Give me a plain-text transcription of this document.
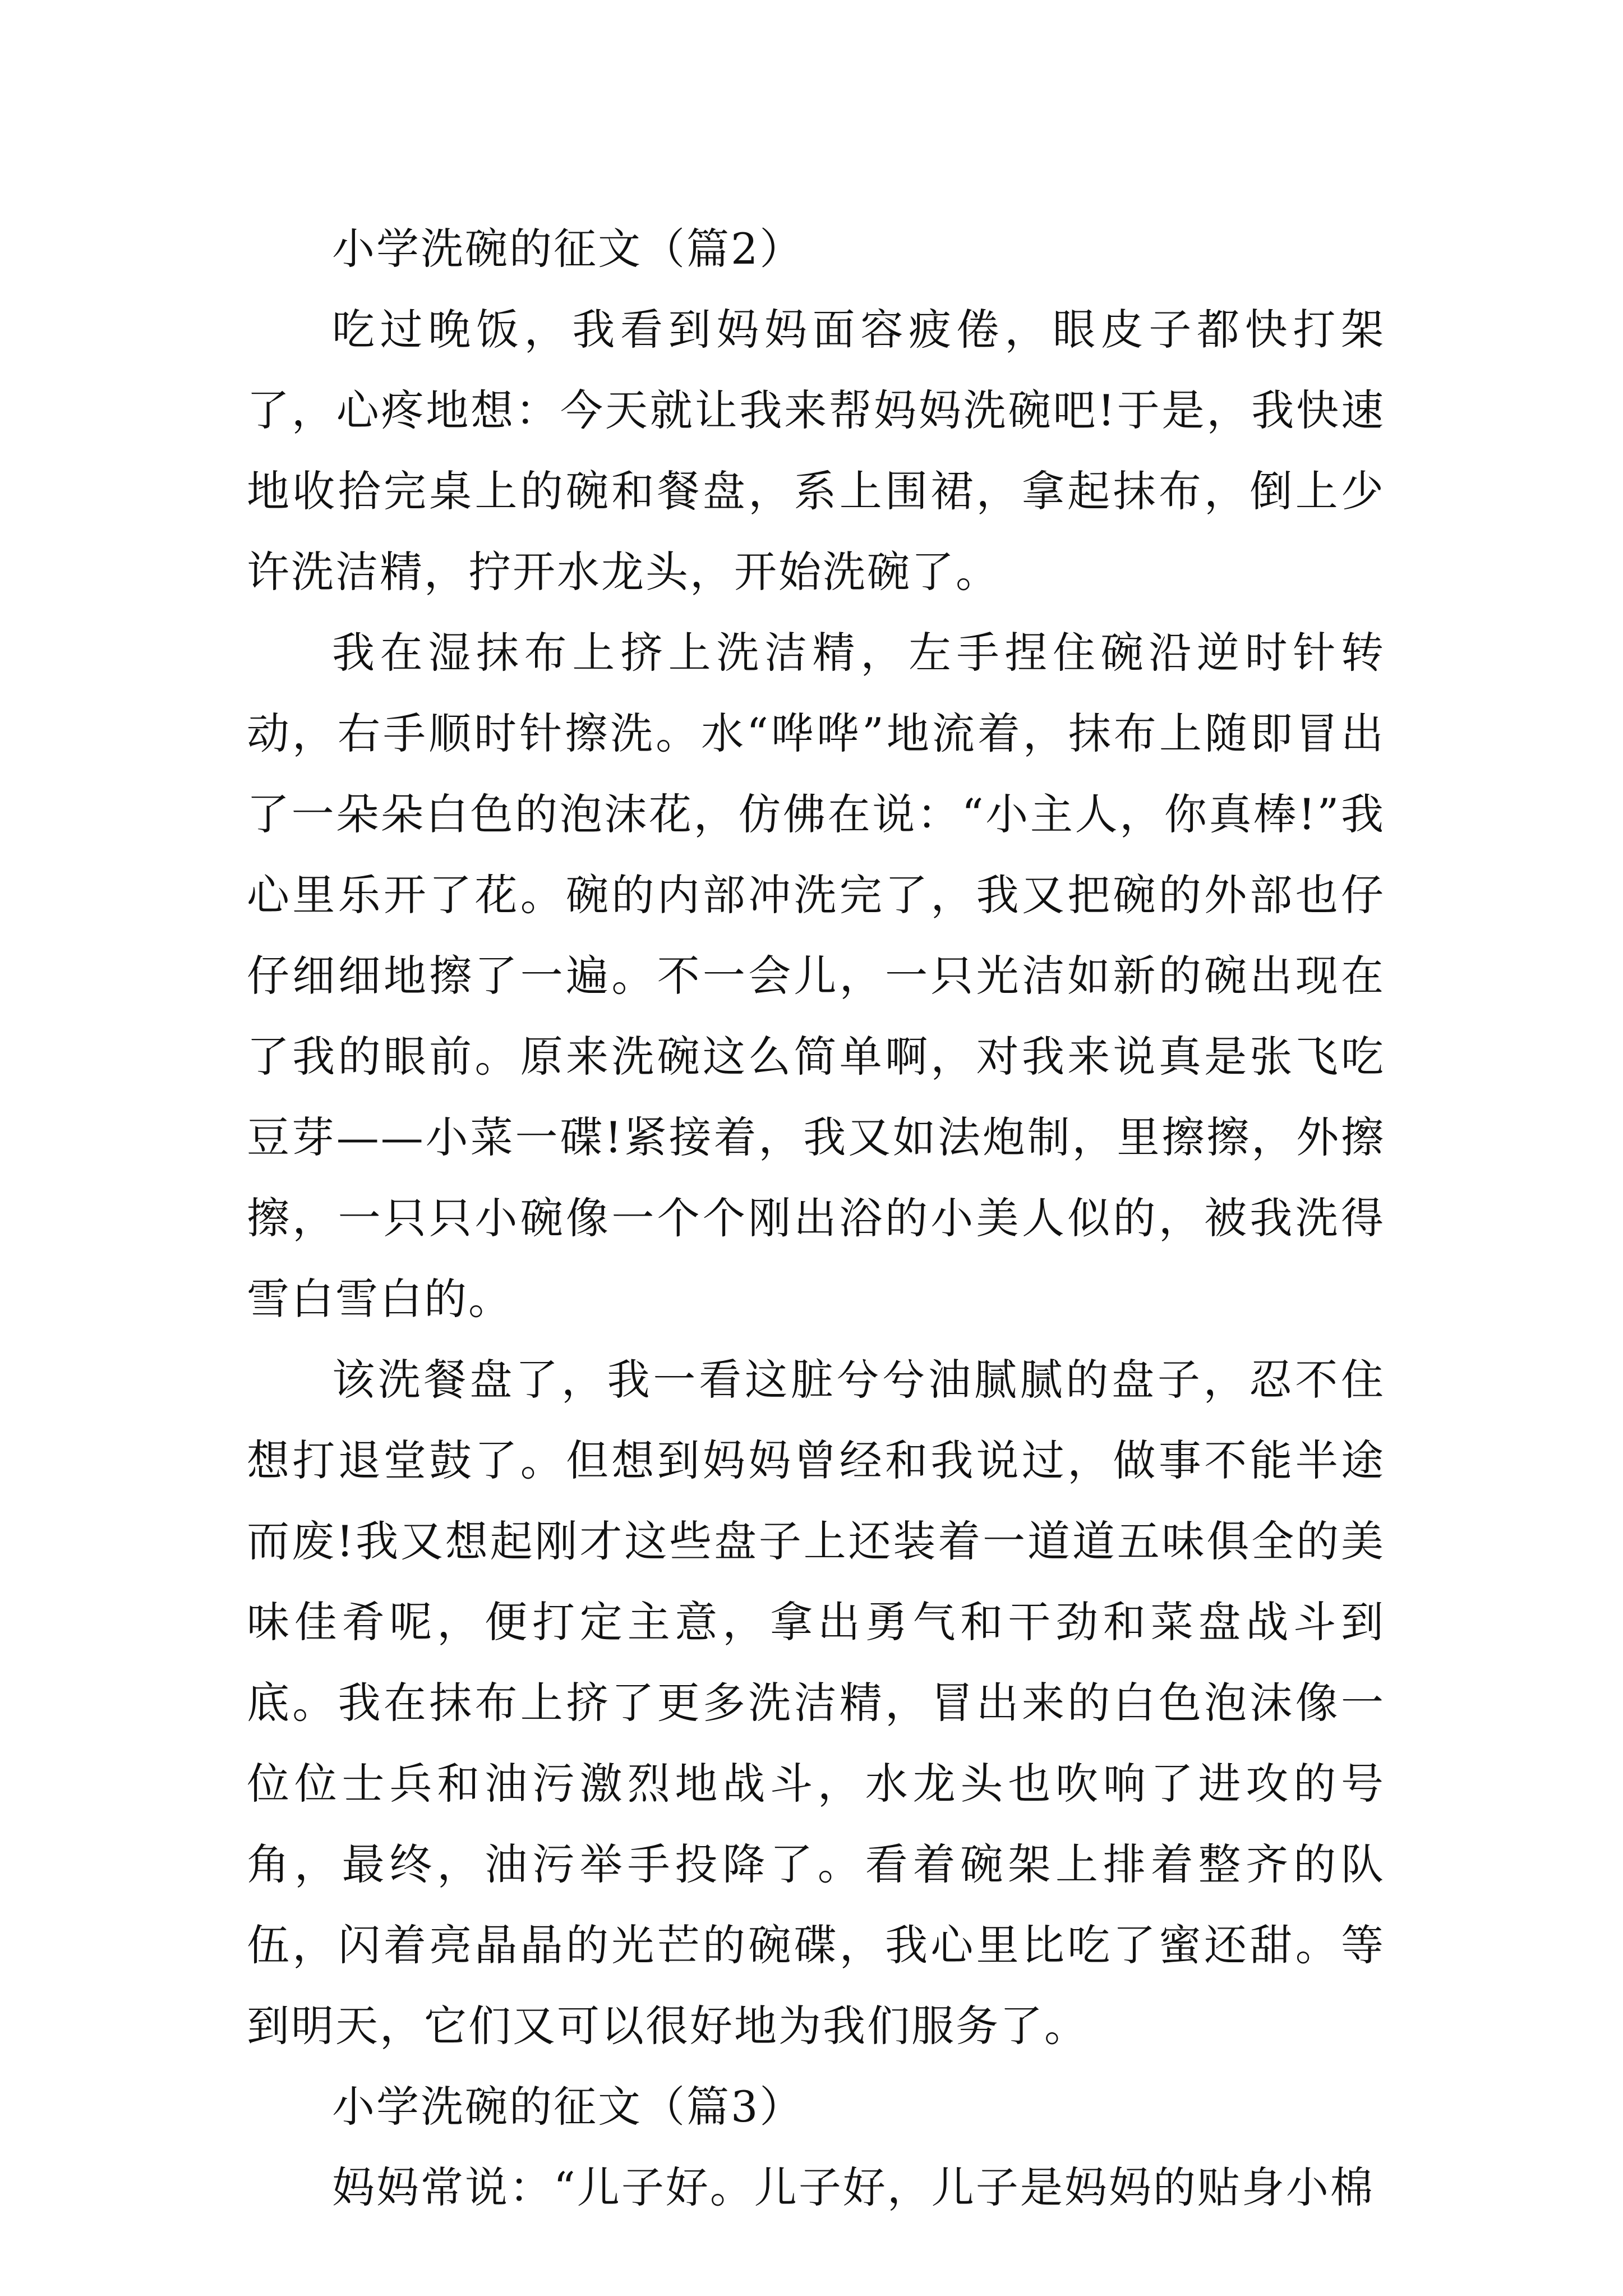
小学洗碗的征文（篇2）

吃过晚饭，我看到妈妈面容疲倦，眼皮子都快打架了，心疼地想：今天就让我来帮妈妈洗碗吧!于是，我快速地收拾完桌上的碗和餐盘，系上围裙，拿起抹布，倒上少许洗洁精，拧开水龙头，开始洗碗了。

我在湿抹布上挤上洗洁精，左手捏住碗沿逆时针转动，右手顺时针擦洗。水“哗哗”地流着，抹布上随即冒出了一朵朵白色的泡沫花，仿佛在说：“小主人，你真棒!”我心里乐开了花。碗的内部冲洗完了，我又把碗的外部也仔仔细细地擦了一遍。不一会儿，一只光洁如新的碗出现在了我的眼前。原来洗碗这么简单啊，对我来说真是张飞吃豆芽——小菜一碟!紧接着，我又如法炮制，里擦擦，外擦擦，一只只小碗像一个个刚出浴的小美人似的，被我洗得雪白雪白的。

该洗餐盘了，我一看这脏兮兮油腻腻的盘子，忍不住想打退堂鼓了。但想到妈妈曾经和我说过，做事不能半途而废!我又想起刚才这些盘子上还装着一道道五味俱全的美味佳肴呢，便打定主意，拿出勇气和干劲和菜盘战斗到底。我在抹布上挤了更多洗洁精，冒出来的白色泡沫像一位位士兵和油污激烈地战斗，水龙头也吹响了进攻的号角，最终，油污举手投降了。看着碗架上排着整齐的队伍，闪着亮晶晶的光芒的碗碟，我心里比吃了蜜还甜。等到明天，它们又可以很好地为我们服务了。

小学洗碗的征文（篇3）

妈妈常说：“儿子好。儿子好，儿子是妈妈的贴身小棉
